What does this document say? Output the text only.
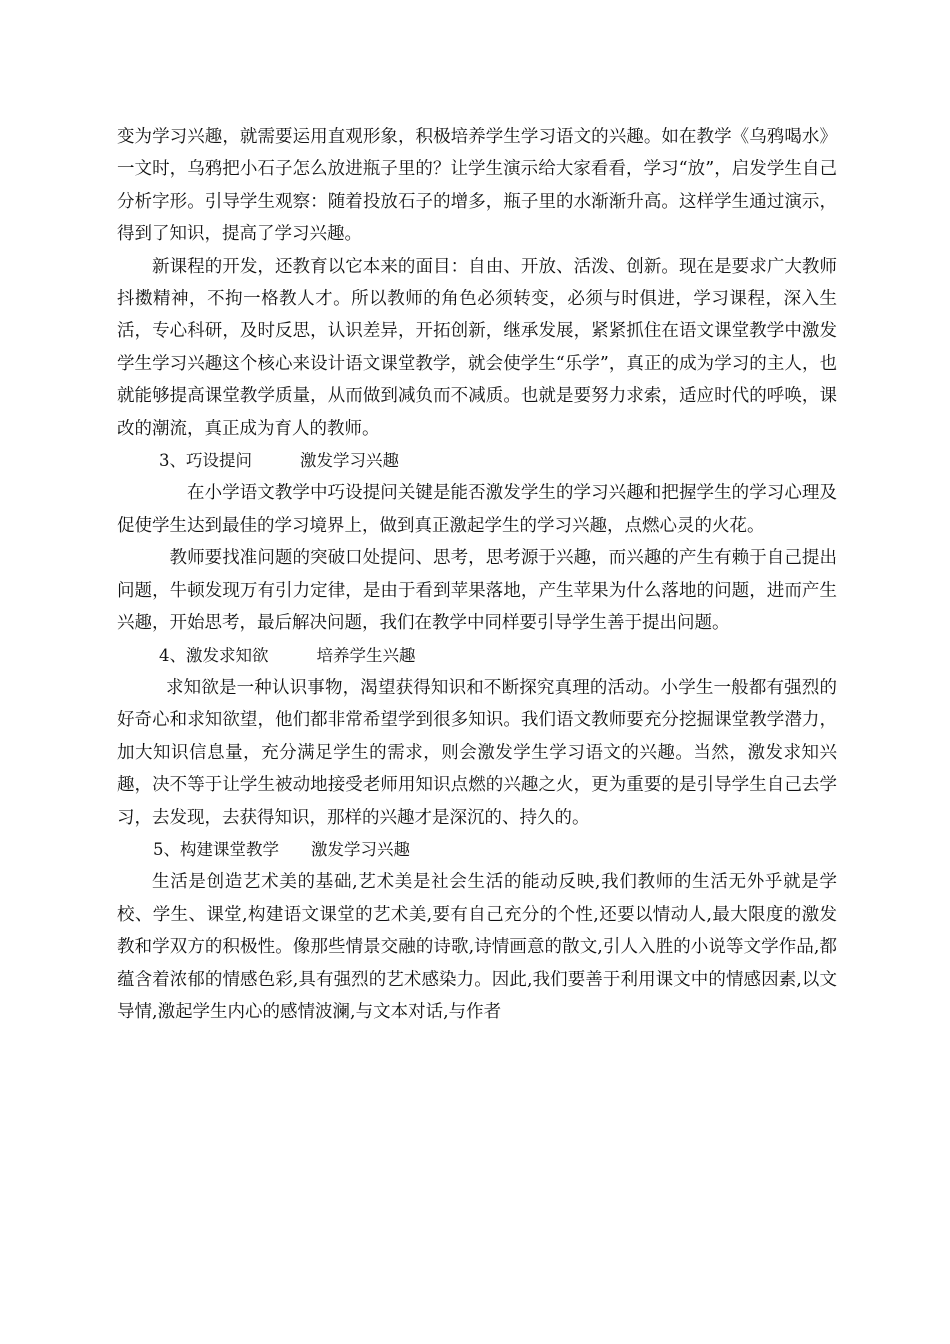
变为学习兴趣，就需要运用直观形象，积极培养学生学习语文的兴趣。如在教学《乌鸦喝水》一文时，乌鸦把小石子怎么放进瓶子里的？让学生演示给大家看看，学习“放”，启发学生自己分析字形。引导学生观察：随着投放石子的增多，瓶子里的水渐渐升高。这样学生通过演示，得到了知识，提高了学习兴趣。

新课程的开发，还教育以它本来的面目：自由、开放、活泼、创新。现在是要求广大教师抖擞精神，不拘一格教人才。所以教师的角色必须转变，必须与时俱进，学习课程，深入生活，专心科研，及时反思，认识差异，开拓创新，继承发展，紧紧抓住在语文课堂教学中激发学生学习兴趣这个核心来设计语文课堂教学，就会使学生“乐学”，真正的成为学习的主人，也就能够提高课堂教学质量，从而做到减负而不减质。也就是要努力求索，适应时代的呼唤，课改的潮流，真正成为育人的教师。

3、巧设提问	激发学习兴趣

在小学语文教学中巧设提问关键是能否激发学生的学习兴趣和把握学生的学习心理及促使学生达到最佳的学习境界上，做到真正激起学生的学习兴趣，点燃心灵的火花。

教师要找准问题的突破口处提问、思考，思考源于兴趣，而兴趣的产生有赖于自己提出问题，牛顿发现万有引力定律，是由于看到苹果落地，产生苹果为什么落地的问题，进而产生兴趣，开始思考，最后解决问题，我们在教学中同样要引导学生善于提出问题。

4、激发求知欲	培养学生兴趣

求知欲是一种认识事物，渴望获得知识和不断探究真理的活动。小学生一般都有强烈的好奇心和求知欲望，他们都非常希望学到很多知识。我们语文教师要充分挖掘课堂教学潜力，加大知识信息量，充分满足学生的需求，则会激发学生学习语文的兴趣。当然，激发求知兴趣，决不等于让学生被动地接受老师用知识点燃的兴趣之火，更为重要的是引导学生自己去学习，去发现，去获得知识，那样的兴趣才是深沉的、持久的。

5、构建课堂教学 激发学习兴趣

生活是创造艺术美的基础,艺术美是社会生活的能动反映,我们教师的生活无外乎就是学校、学生、课堂,构建语文课堂的艺术美,要有自己充分的个性,还要以情动人,最大限度的激发教和学双方的积极性。像那些情景交融的诗歌,诗情画意的散文,引人入胜的小说等文学作品,都蕴含着浓郁的情感色彩,具有强烈的艺术感染力。因此,我们要善于利用课文中的情感因素,以文导情,激起学生内心的感情波澜,与文本对话,与作者
